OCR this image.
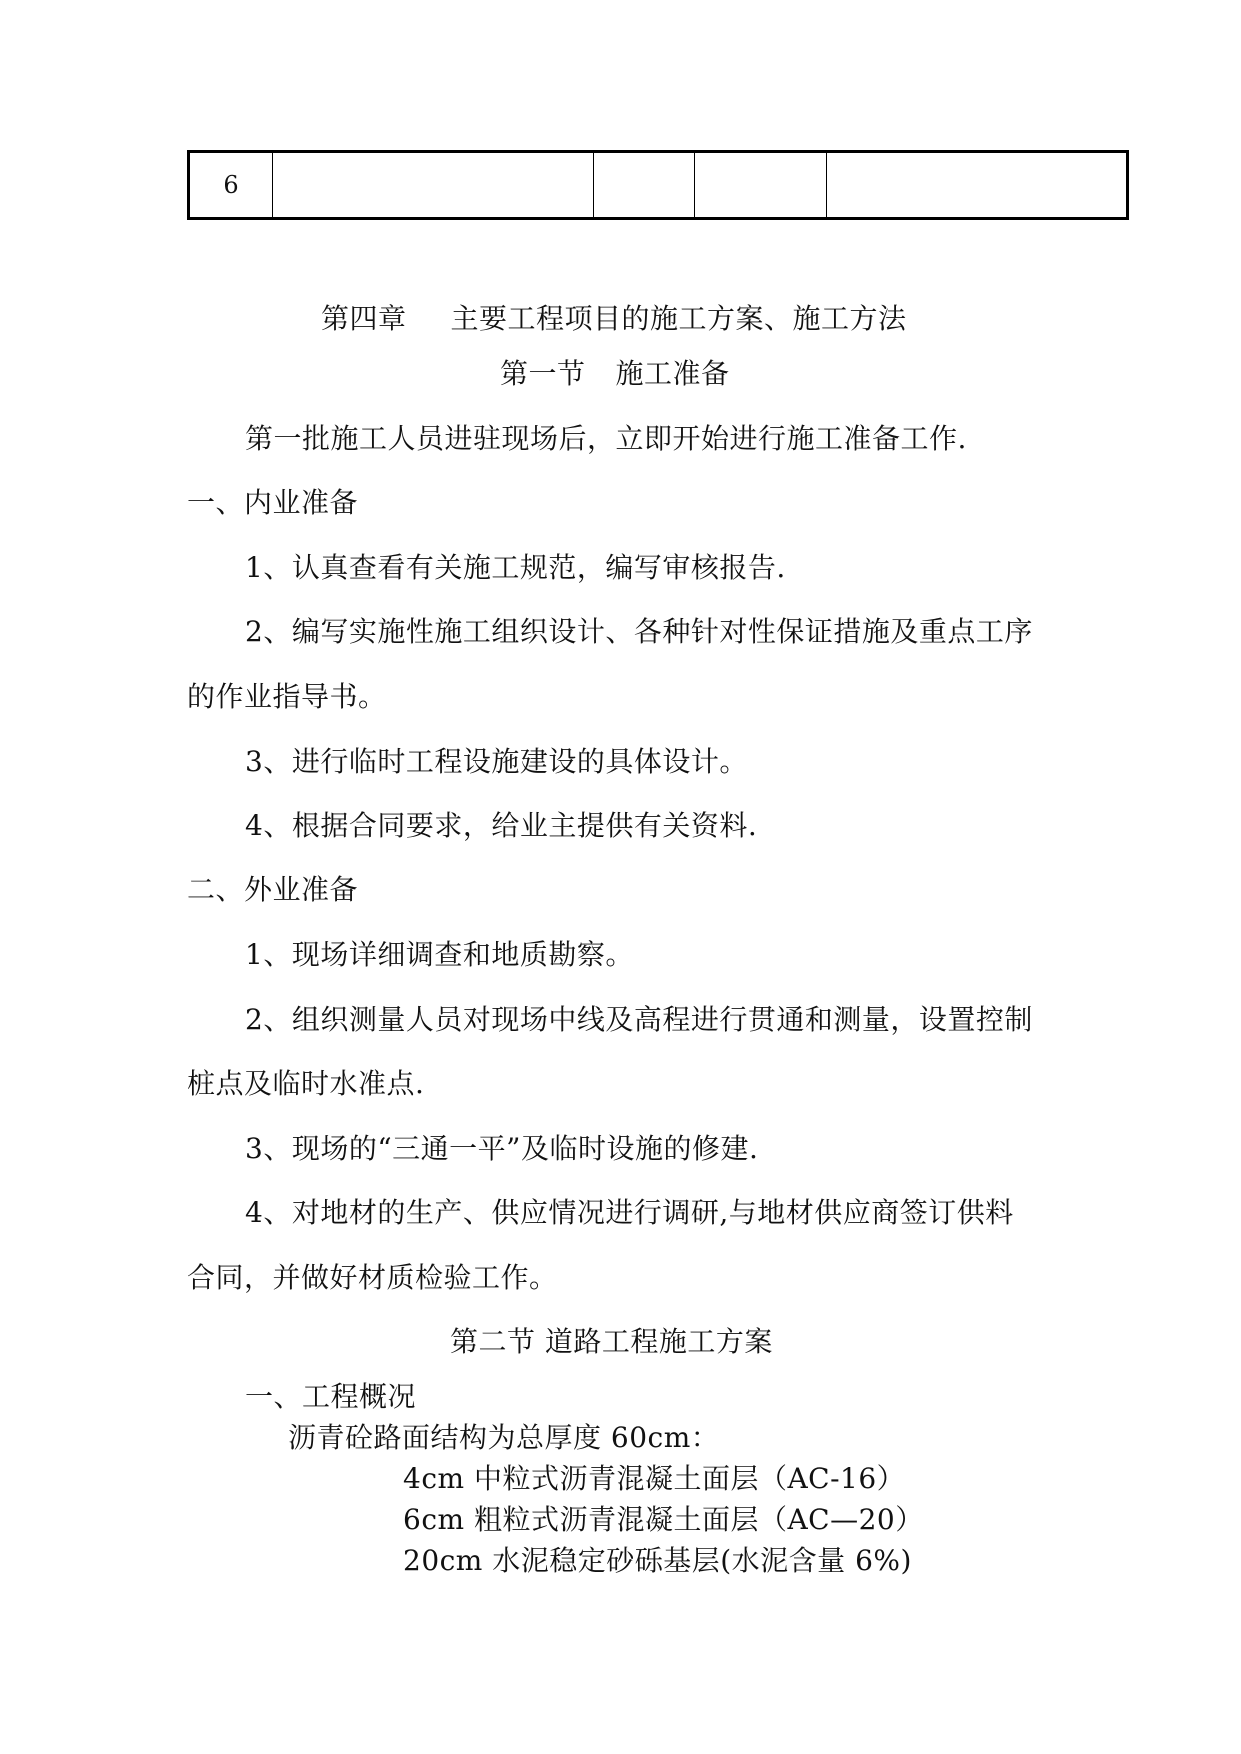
6				
第四章 主要工程项目的施工方案、施工方法
第一节 施工准备
第一批施工人员进驻现场后，立即开始进行施工准备工作.
一、内业准备
1、认真查看有关施工规范，编写审核报告.
2、编写实施性施工组织设计、各种针对性保证措施及重点工序
的作业指导书。
3、进行临时工程设施建设的具体设计。
4、根据合同要求，给业主提供有关资料.
二、外业准备
1、现场详细调查和地质勘察。
2、组织测量人员对现场中线及高程进行贯通和测量，设置控制
桩点及临时水准点.
3、现场的“三通一平”及临时设施的修建.
4、对地材的生产、供应情况进行调研,与地材供应商签订供料
合同，并做好材质检验工作。
第二节 道路工程施工方案
一、工程概况
沥青砼路面结构为总厚度 60cm：
4cm 中粒式沥青混凝土面层（AC-16）
6cm 粗粒式沥青混凝土面层（AC—20）
20cm 水泥稳定砂砾基层(水泥含量 6%)
